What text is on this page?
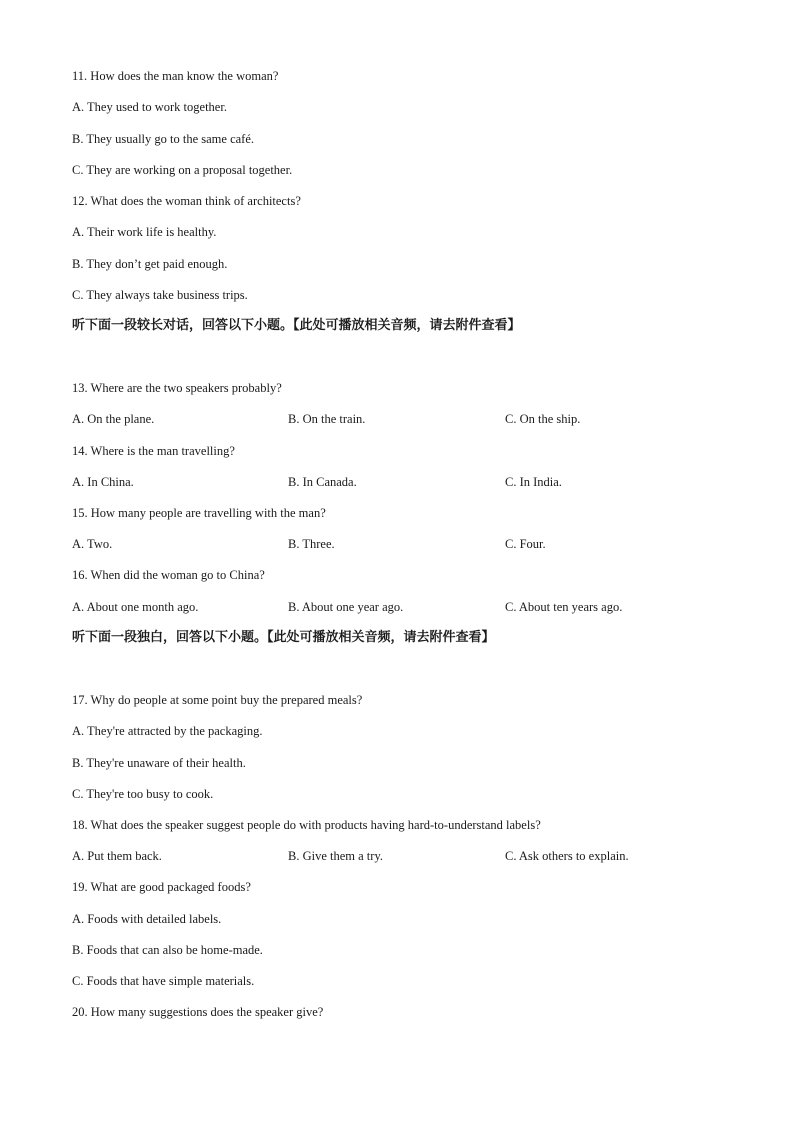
11. How does the man know the woman?
A. They used to work together.
B. They usually go to the same café.
C. They are working on a proposal together.
12. What does the woman think of architects?
A. Their work life is healthy.
B. They don’t get paid enough.
C. They always take business trips.
听下面一段较长对话，回答以下小题。【此处可播放相关音频，请去附件查看】
13. Where are the two speakers probably?
A. On the plane.	B. On the train.	C. On the ship.
14. Where is the man travelling?
A. In China.	B. In Canada.	C. In India.
15. How many people are travelling with the man?
A. Two.	B. Three.	C. Four.
16. When did the woman go to China?
A. About one month ago.	B. About one year ago.	C. About ten years ago.
听下面一段独白，回答以下小题。【此处可播放相关音频，请去附件查看】
17. Why do people at some point buy the prepared meals?
A. They're attracted by the packaging.
B. They're unaware of their health.
C. They're too busy to cook.
18. What does the speaker suggest people do with products having hard-to-understand labels?
A. Put them back.	B. Give them a try.	C. Ask others to explain.
19. What are good packaged foods?
A. Foods with detailed labels.
B. Foods that can also be home-made.
C. Foods that have simple materials.
20. How many suggestions does the speaker give?
